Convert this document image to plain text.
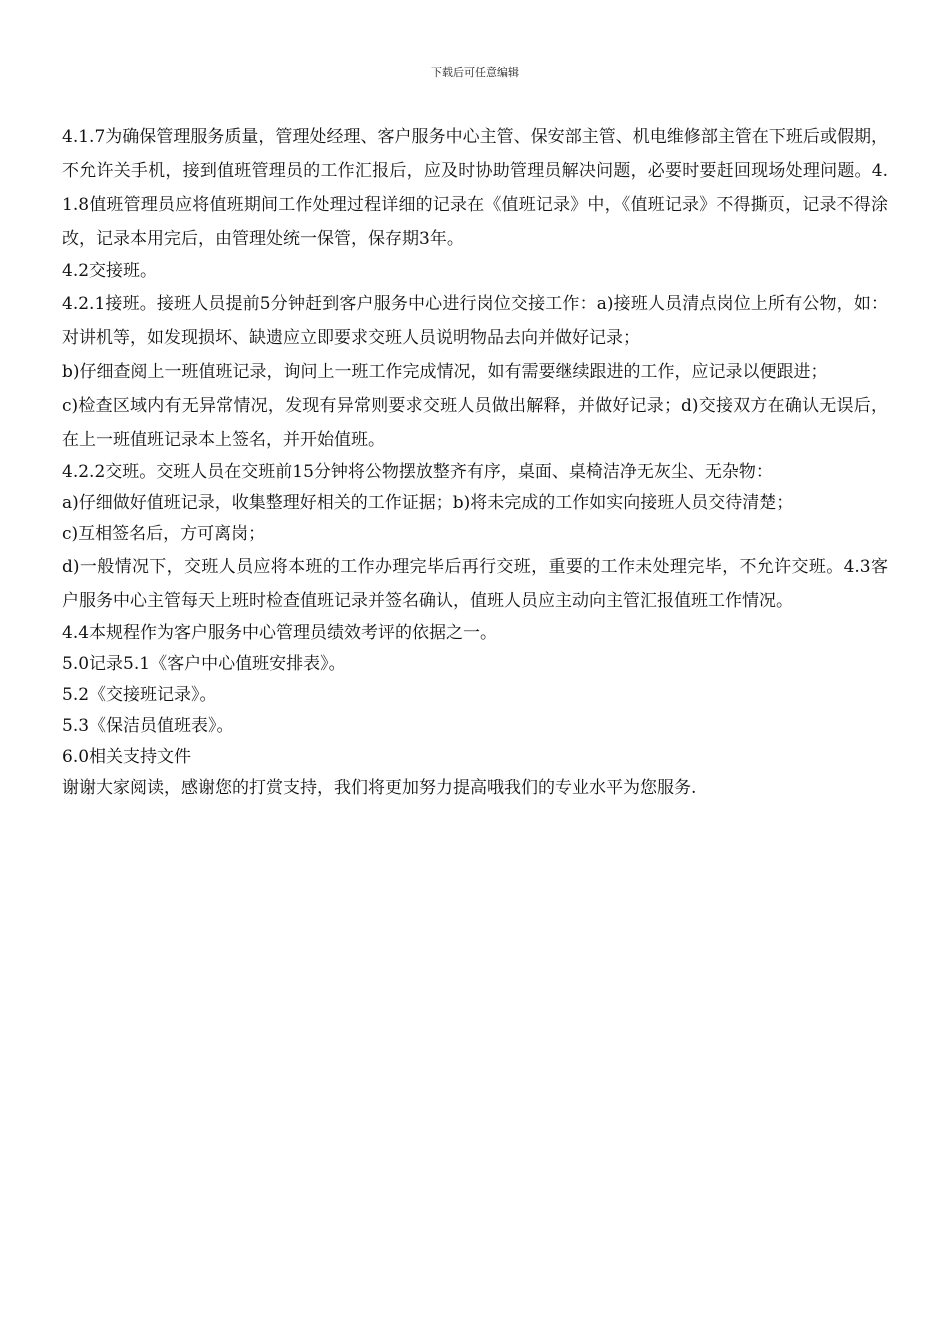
下载后可任意编辑

4.1.7为确保管理服务质量，管理处经理、客户服务中心主管、保安部主管、机电维修部主管在下班后或假期，不允许关手机，接到值班管理员的工作汇报后，应及时协助管理员解决问题，必要时要赶回现场处理问题。4.1.8值班管理员应将值班期间工作处理过程详细的记录在《值班记录》中，《值班记录》不得撕页，记录不得涂改，记录本用完后，由管理处统一保管，保存期3年。

4.2交接班。

4.2.1接班。接班人员提前5分钟赶到客户服务中心进行岗位交接工作：a)接班人员清点岗位上所有公物，如：对讲机等，如发现损坏、缺遗应立即要求交班人员说明物品去向并做好记录；

b)仔细查阅上一班值班记录，询问上一班工作完成情况，如有需要继续跟进的工作，应记录以便跟进；

c)检查区域内有无异常情况，发现有异常则要求交班人员做出解释，并做好记录；d)交接双方在确认无误后，在上一班值班记录本上签名，并开始值班。

4.2.2交班。交班人员在交班前15分钟将公物摆放整齐有序，桌面、桌椅洁净无灰尘、无杂物：

a)仔细做好值班记录，收集整理好相关的工作证据；b)将未完成的工作如实向接班人员交待清楚；

c)互相签名后，方可离岗；

d)一般情况下，交班人员应将本班的工作办理完毕后再行交班，重要的工作未处理完毕，不允许交班。4.3客户服务中心主管每天上班时检查值班记录并签名确认，值班人员应主动向主管汇报值班工作情况。

4.4本规程作为客户服务中心管理员绩效考评的依据之一。

5.0记录5.1《客户中心值班安排表》。

5.2《交接班记录》。

5.3《保洁员值班表》。

6.0相关支持文件

谢谢大家阅读，感谢您的打赏支持，我们将更加努力提高哦我们的专业水平为您服务.
